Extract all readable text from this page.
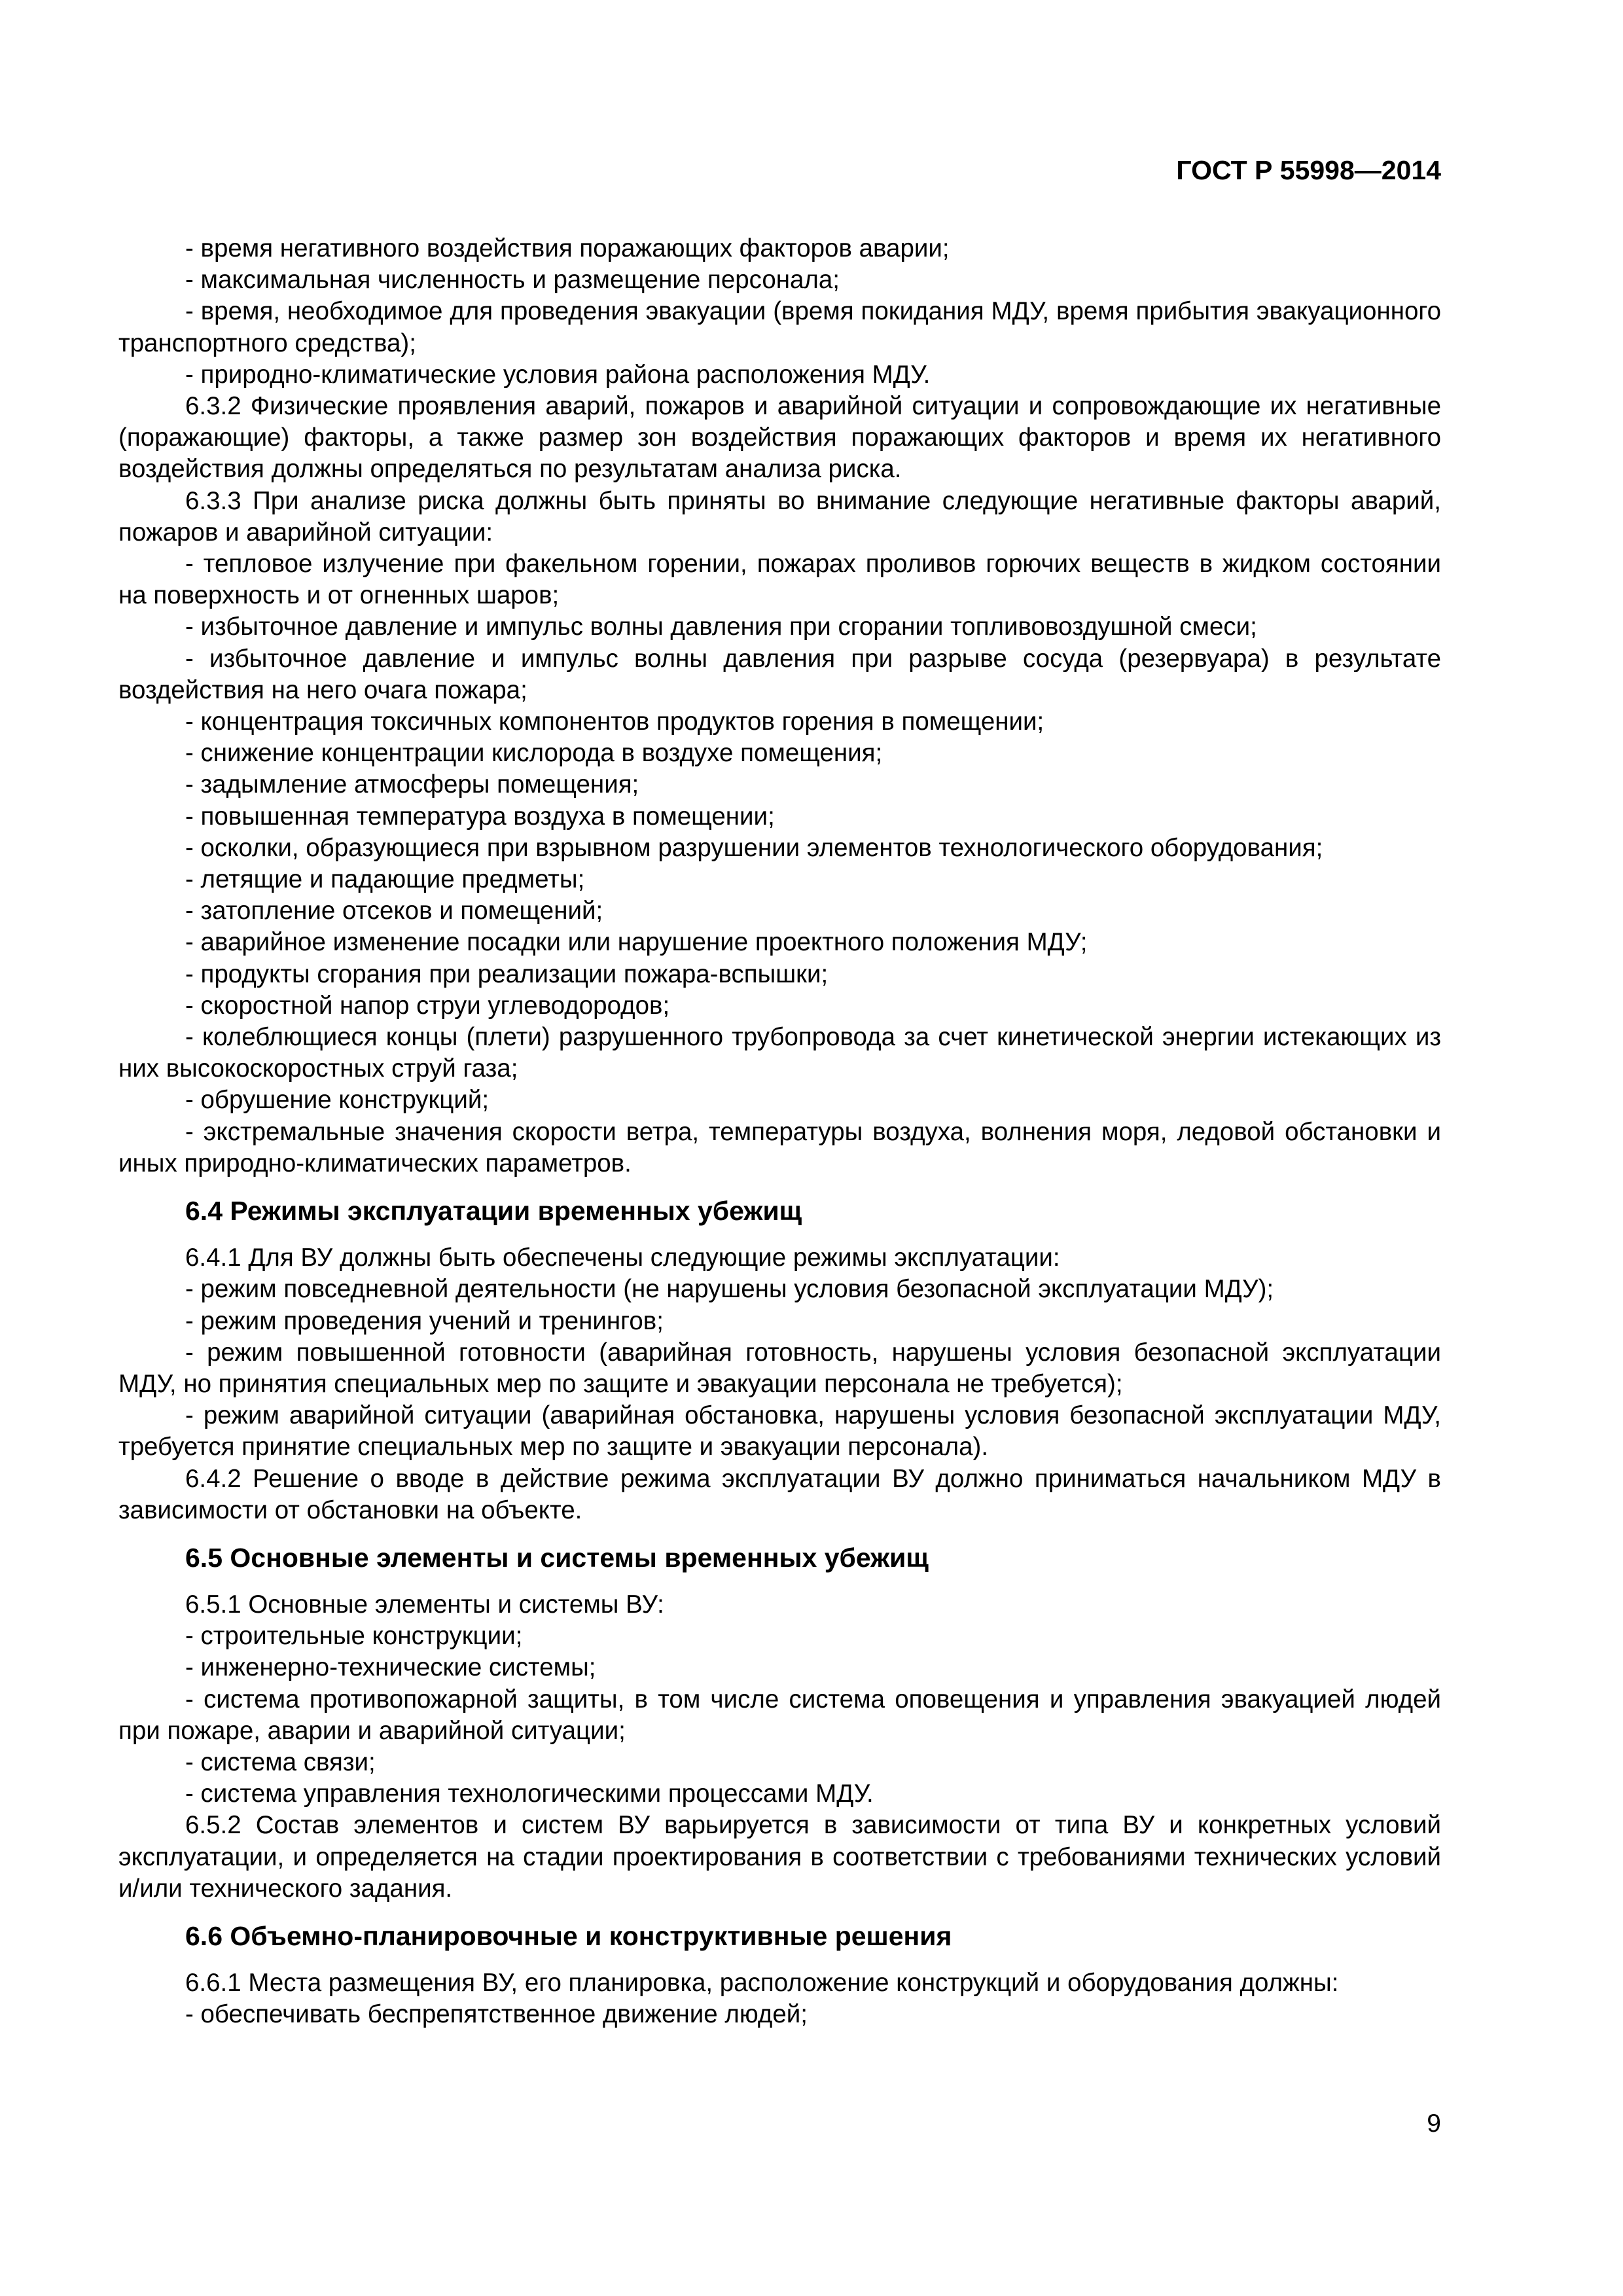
ГОСТ Р 55998—2014

- время негативного воздействия поражающих факторов аварии;

- максимальная численность и размещение персонала;

- время, необходимое для проведения эвакуации (время покидания МДУ, время прибытия эвакуационного транспортного средства);

- природно-климатические условия района расположения МДУ.

6.3.2 Физические проявления аварий, пожаров и аварийной ситуации и сопровождающие их негативные (поражающие) факторы, а также размер зон воздействия поражающих факторов и время их негативного воздействия должны определяться по результатам анализа риска.

6.3.3 При анализе риска должны быть приняты во внимание следующие негативные факторы аварий, пожаров и аварийной ситуации:

- тепловое излучение при факельном горении, пожарах проливов горючих веществ в жидком состоянии на поверхность и от огненных шаров;

- избыточное давление и импульс волны давления при сгорании топливовоздушной смеси;

- избыточное давление и импульс волны давления при разрыве сосуда (резервуара) в результате воздействия на него очага пожара;

- концентрация токсичных компонентов продуктов горения в помещении;

- снижение концентрации кислорода в воздухе помещения;

- задымление атмосферы помещения;

- повышенная температура воздуха в помещении;

- осколки, образующиеся при взрывном разрушении элементов технологического оборудования;

- летящие и падающие предметы;

- затопление отсеков и помещений;

- аварийное изменение посадки или нарушение проектного положения МДУ;

- продукты сгорания при реализации пожара-вспышки;

- скоростной напор струи углеводородов;

- колеблющиеся концы (плети) разрушенного трубопровода за счет кинетической энергии истекающих из них высокоскоростных струй газа;

- обрушение конструкций;

- экстремальные значения скорости ветра, температуры воздуха, волнения моря, ледовой обстановки и иных природно-климатических параметров.

6.4 Режимы эксплуатации временных убежищ

6.4.1 Для ВУ должны быть обеспечены следующие режимы эксплуатации:

- режим повседневной деятельности (не нарушены условия безопасной эксплуатации МДУ);

- режим проведения учений и тренингов;

- режим повышенной готовности (аварийная готовность, нарушены условия безопасной эксплуатации МДУ, но принятия специальных мер по защите и эвакуации персонала не требуется);

- режим аварийной ситуации (аварийная обстановка, нарушены условия безопасной эксплуатации МДУ, требуется принятие специальных мер по защите и эвакуации персонала).

6.4.2 Решение о вводе в действие режима эксплуатации ВУ должно приниматься начальником МДУ в зависимости от обстановки на объекте.

6.5 Основные элементы и системы временных убежищ

6.5.1 Основные элементы и системы ВУ:

- строительные конструкции;

- инженерно-технические системы;

- система противопожарной защиты, в том числе система оповещения и управления эвакуацией людей при пожаре, аварии и аварийной ситуации;

- система связи;

- система управления технологическими процессами МДУ.

6.5.2 Состав элементов и систем ВУ варьируется в зависимости от типа ВУ и конкретных условий эксплуатации, и определяется на стадии проектирования в соответствии с требованиями технических условий и/или технического задания.

6.6 Объемно-планировочные и конструктивные решения

6.6.1 Места размещения ВУ, его планировка, расположение конструкций и оборудования должны:

- обеспечивать беспрепятственное движение людей;

9
